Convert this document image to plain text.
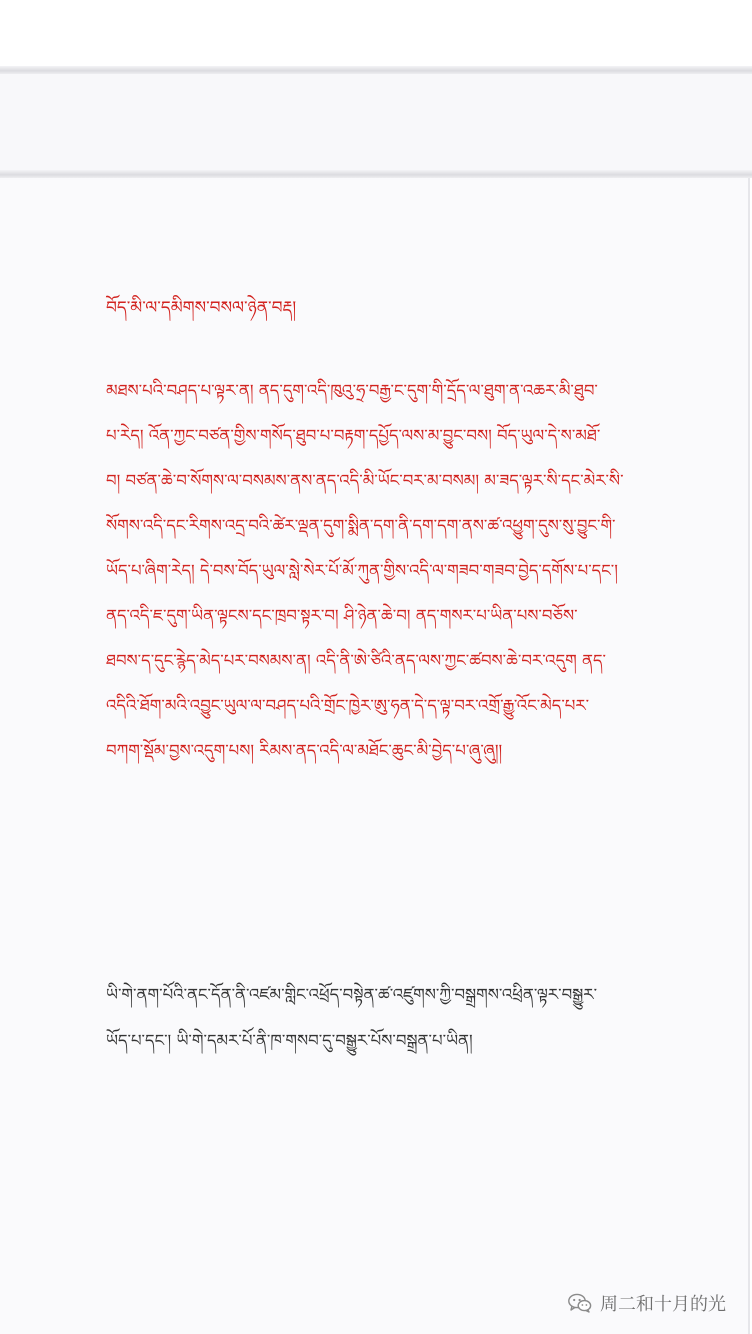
བོད་མི་ལ་དམིགས་བསལ་ཉེན་བརྡ།
མཐས་པའི་བཤད་པ་ལྟར་ན། ནད་དུག་འདི་ཁུའུ་ཧྲ་བརྒྱ་ང་དུག་གི་དྲོད་ལ་ཐུག་ན་འཆར་མི་ཐུབ་
པ་རེད། འོན་ཀྱང་བཙན་གྱིས་གསོད་ཐུབ་པ་བརྟག་དཔྱོད་ལས་མ་བྱུང་བས། བོད་ཡུལ་དེ་ས་མཐོ་
བ། བཙན་ཆེ་བ་སོགས་ལ་བསམས་ནས་ནད་འདི་མི་ཡོང་བར་མ་བསམ། མ་ཟད་ལྟར་སི་དང་མེར་སི་
སོགས་འདི་དང་རིགས་འདྲ་བའི་ཚེར་ལྡན་དུག་སྨིན་དག་ནི་དག་དག་ནས་ཚ་འཕྱུག་དུས་སུ་བྱུང་གི་
ཡོད་པ་ཞིག་རེད། དེ་བས་བོད་ཡུལ་སླེ་སེར་པོ་མོ་ཀུན་གྱིས་འདི་ལ་གཟབ་གཟབ་བྱེད་དགོས་པ་དང་།
ནད་འདི་ཇ་དུག་ཡིན་ལྟངས་དང་ཁྲབ་སྟར་བ། ཤི་ཉེན་ཆེ་བ། ནད་གསར་པ་ཡིན་པས་བཅོས་
ཐབས་ད་དུང་རྙེད་མེད་པར་བསམས་ན། འདི་ནི་ཨེ་ཙིའི་ནད་ལས་ཀྱང་ཚབས་ཆེ་བར་འདུག ནད་
འདིའི་ཐོག་མའི་འབྱུང་ཡུལ་ལ་བཤད་པའི་གྲོང་ཁྱེར་ཨུ་ཧན་དེ་ད་ལྟ་བར་འགྲོ་རྒྱུ་འོང་མེད་པར་
བཀག་སྡོམ་བྱས་འདུག་པས། རིམས་ནད་འདི་ལ་མཐོང་ཆུང་མི་བྱེད་པ་ཞུ་ཞུ།།
ཡི་གེ་ནག་པོའི་ནང་དོན་ནི་འཛམ་གླིང་འཕྲོད་བསྟེན་ཚ་འཛུགས་ཀྱི་བསྒྲགས་འཕྲིན་ལྟར་བསྒྱུར་
ཡོད་པ་དང་། ཡི་གེ་དམར་པོ་ནི་ཁ་གསབ་དུ་བསྒྱུར་པོས་བསྒྲན་པ་ཡིན།
周二和十月的光
